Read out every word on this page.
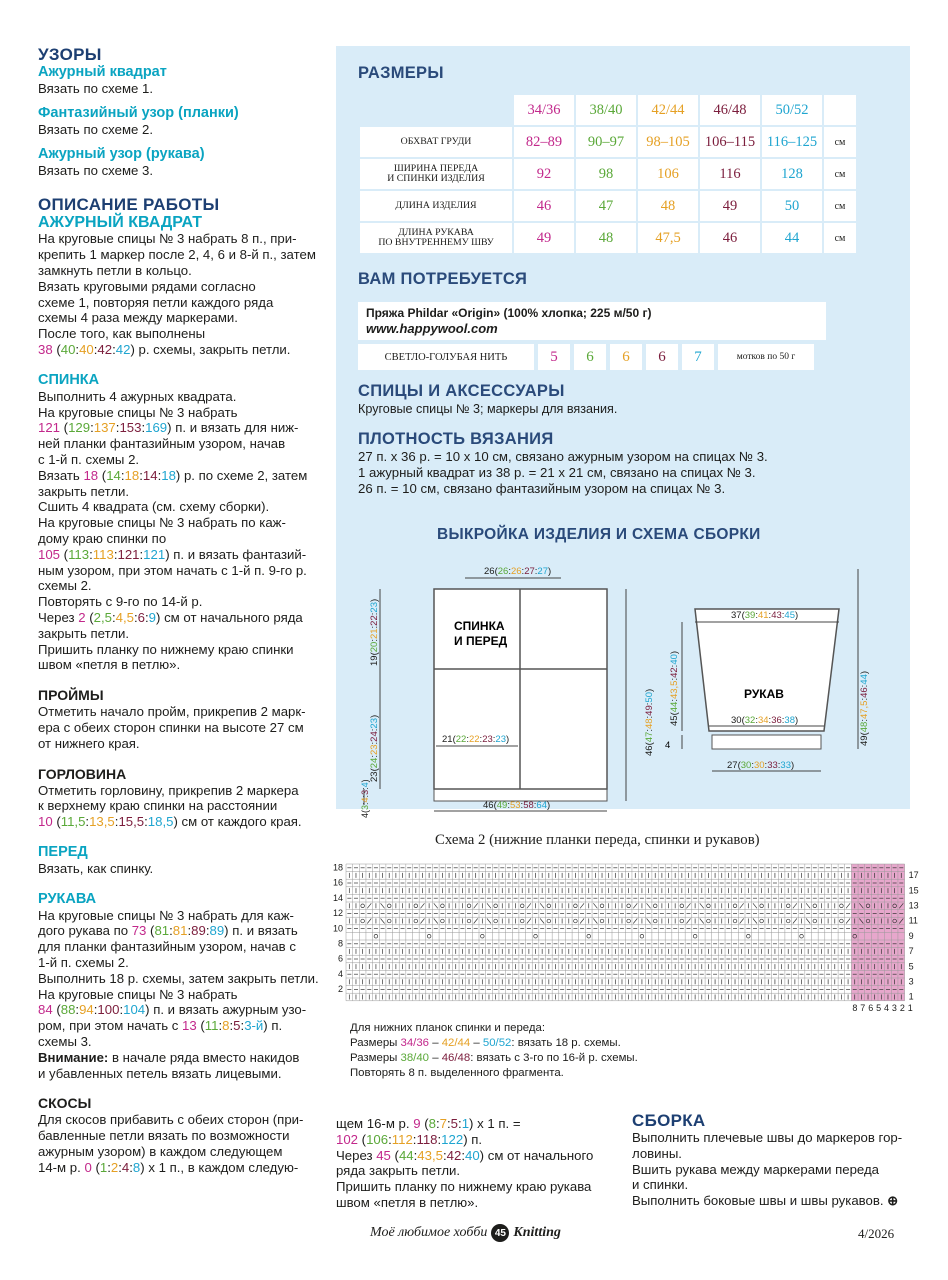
УЗОРЫ
Ажурный квадрат
Вязать по схеме 1.
Фантазийный узор (планки)
Вязать по схеме 2.
Ажурный узор (рукава)
Вязать по схеме 3.
ОПИСАНИЕ РАБОТЫ
АЖУРНЫЙ КВАДРАТ
На круговые спицы № 3 набрать 8 п., при-
крепить 1 маркер после 2, 4, 6 и 8-й п., затем
замкнуть петли в кольцо.
Вязать круговыми рядами согласно
схеме 1, повторяя петли каждого ряда
схемы 4 раза между маркерами.
После того, как выполнены
38 (40:40:42:42) р. схемы, закрыть петли.
СПИНКА
Выполнить 4 ажурных квадрата.
На круговые спицы № 3 набрать
121 (129:137:153:169) п. и вязать для ниж-
ней планки фантазийным узором, начав
с 1-й п. схемы 2.
Вязать 18 (14:18:14:18) р. по схеме 2, затем
закрыть петли.
Сшить 4 квадрата (см. схему сборки).
На круговые спицы № 3 набрать по каж-
дому краю спинки по
105 (113:113:121:121) п. и вязать фантазий-
ным узором, при этом начать с 1-й п. 9-го р.
схемы 2.
Повторять с 9-го по 14-й р.
Через 2 (2,5:4,5:6:9) см от начального ряда
закрыть петли.
Пришить планку по нижнему краю спинки
швом «петля в петлю».
ПРОЙМЫ
Отметить начало пройм, прикрепив 2 марк-
ера с обеих сторон спинки на высоте 27 см
от нижнего края.
ГОРЛОВИНА
Отметить горловину, прикрепив 2 маркера
к верхнему краю спинки на расстоянии
10 (11,5:13,5:15,5:18,5) см от каждого края.
ПЕРЕД
Вязать, как спинку.
РУКАВА
На круговые спицы № 3 набрать для каж-
дого рукава по 73 (81:81:89:89) п. и вязать
для планки фантазийным узором, начав с
1-й п. схемы 2.
Выполнить 18 р. схемы, затем закрыть петли.
На круговые спицы № 3 набрать
84 (88:94:100:104) п. и вязать ажурным узо-
ром, при этом начать с 13 (11:8:5:3-й) п.
схемы 3.
Внимание: в начале ряда вместо накидов
и убавленных петель вязать лицевыми.
СКОСЫ
Для скосов прибавить с обеих сторон (при-
бавленные петли вязать по возможности
ажурным узором) в каждом следующем
14-м р. 0 (1:2:4:8) х 1 п., в каждом следую-
РАЗМЕРЫ
	34/36	38/40	42/44	46/48	50/52	

ОБХВАТ ГРУДИ	82–89	90–97	98–105	106–115	116–125	см

ШИРИНА ПЕРЕДА
И СПИНКИ ИЗДЕЛИЯ	92	98	106	116	128	см

ДЛИНА ИЗДЕЛИЯ	46	47	48	49	50	см

ДЛИНА РУКАВА
ПО ВНУТРЕННЕМУ ШВУ	49	48	47,5	46	44	см
ВАМ ПОТРЕБУЕТСЯ
Пряжа Phildar «Origin» (100% хлопка; 225 м/50 г)
www.happywool.com
СВЕТЛО-ГОЛУБАЯ НИТЬ	5	6	6	6	7	мотков по 50 г
СПИЦЫ И АКСЕССУАРЫ
Круговые спицы № 3; маркеры для вязания.
ПЛОТНОСТЬ ВЯЗАНИЯ
27 п. х 36 р. = 10 х 10 см, связано ажурным узором на спицах № 3.
1 ажурный квадрат из 38 р. = 21 х 21 см, связано на спицах № 3.
26 п. = 10 см, связано фантазийным узором на спицах № 3.
ВЫКРОЙКА ИЗДЕЛИЯ И СХЕМА СБОРКИ
СПИНКА
И ПЕРЕД
26(26:26:27:27)
21(22:22:23:23)
46(49:53:58:64)
19(20:21:22:23)
23(24:23:24:23)
4(3:4:3:4)
46(47:48:49:50)	РУКАВ
37(39:41:43:45)
30(32:34:36:38)
27(30:30:33:33)
45(44:43,5:42:40)
4	49(48:47,5:46:44)
Схема 2 (нижние планки переда, спинки и рукавов)
18
16
14
12
10
8
6
4
2
17
15
13
11
9
7
5
3
1
8 7 6 5 4 3 2 1
Для нижних планок спинки и переда:
Размеры 34/36 – 42/44 – 50/52: вязать 18 р. схемы.
Размеры 38/40 – 46/48: вязать с 3-го по 16-й р. схемы.
Повторять 8 п. выделенного фрагмента.
щем 16-м р. 9 (8:7:5:1) х 1 п. =
102 (106:112:118:122) п.
Через 45 (44:43,5:42:40) см от начального
ряда закрыть петли.
Пришить планку по нижнему краю рукава
швом «петля в петлю».
СБОРКА
Выполнить плечевые швы до маркеров гор-
ловины.
Вшить рукава между маркерами переда
и спинки.
Выполнить боковые швы и швы рукавов. ⊕
Моё любимое хобби 45 Knitting	4/2026
